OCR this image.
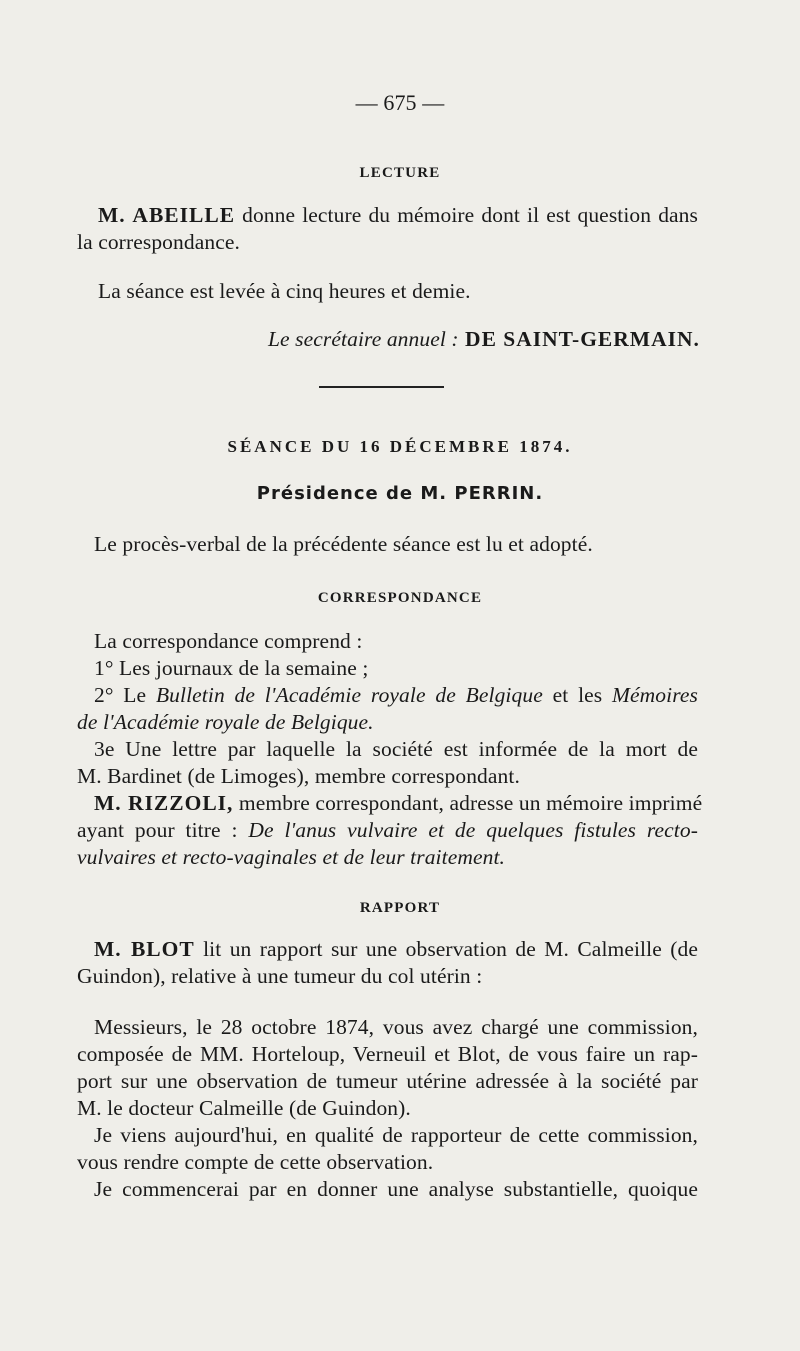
— 675 —
LECTURE
M. ABEILLE donne lecture du mémoire dont il est question dans
la correspondance.
La séance est levée à cinq heures et demie.
Le secrétaire annuel : DE SAINT-GERMAIN.
SÉANCE DU 16 DÉCEMBRE 1874.
Présidence de M. PERRIN.
Le procès-verbal de la précédente séance est lu et adopté.
CORRESPONDANCE
La correspondance comprend :
1° Les journaux de la semaine ;
2° Le Bulletin de l'Académie royale de Belgique et les Mémoires
de l'Académie royale de Belgique.
3e Une lettre par laquelle la société est informée de la mort de
M. Bardinet (de Limoges), membre correspondant.
M. RIZZOLI, membre correspondant, adresse un mémoire imprimé
ayant pour titre : De l'anus vulvaire et de quelques fistules recto-
vulvaires et recto-vaginales et de leur traitement.
RAPPORT
M. BLOT lit un rapport sur une observation de M. Calmeille (de
Guindon), relative à une tumeur du col utérin :
Messieurs, le 28 octobre 1874, vous avez chargé une commission,
composée de MM. Horteloup, Verneuil et Blot, de vous faire un rap-
port sur une observation de tumeur utérine adressée à la société par
M. le docteur Calmeille (de Guindon).
Je viens aujourd'hui, en qualité de rapporteur de cette commission,
vous rendre compte de cette observation.
Je commencerai par en donner une analyse substantielle, quoique
